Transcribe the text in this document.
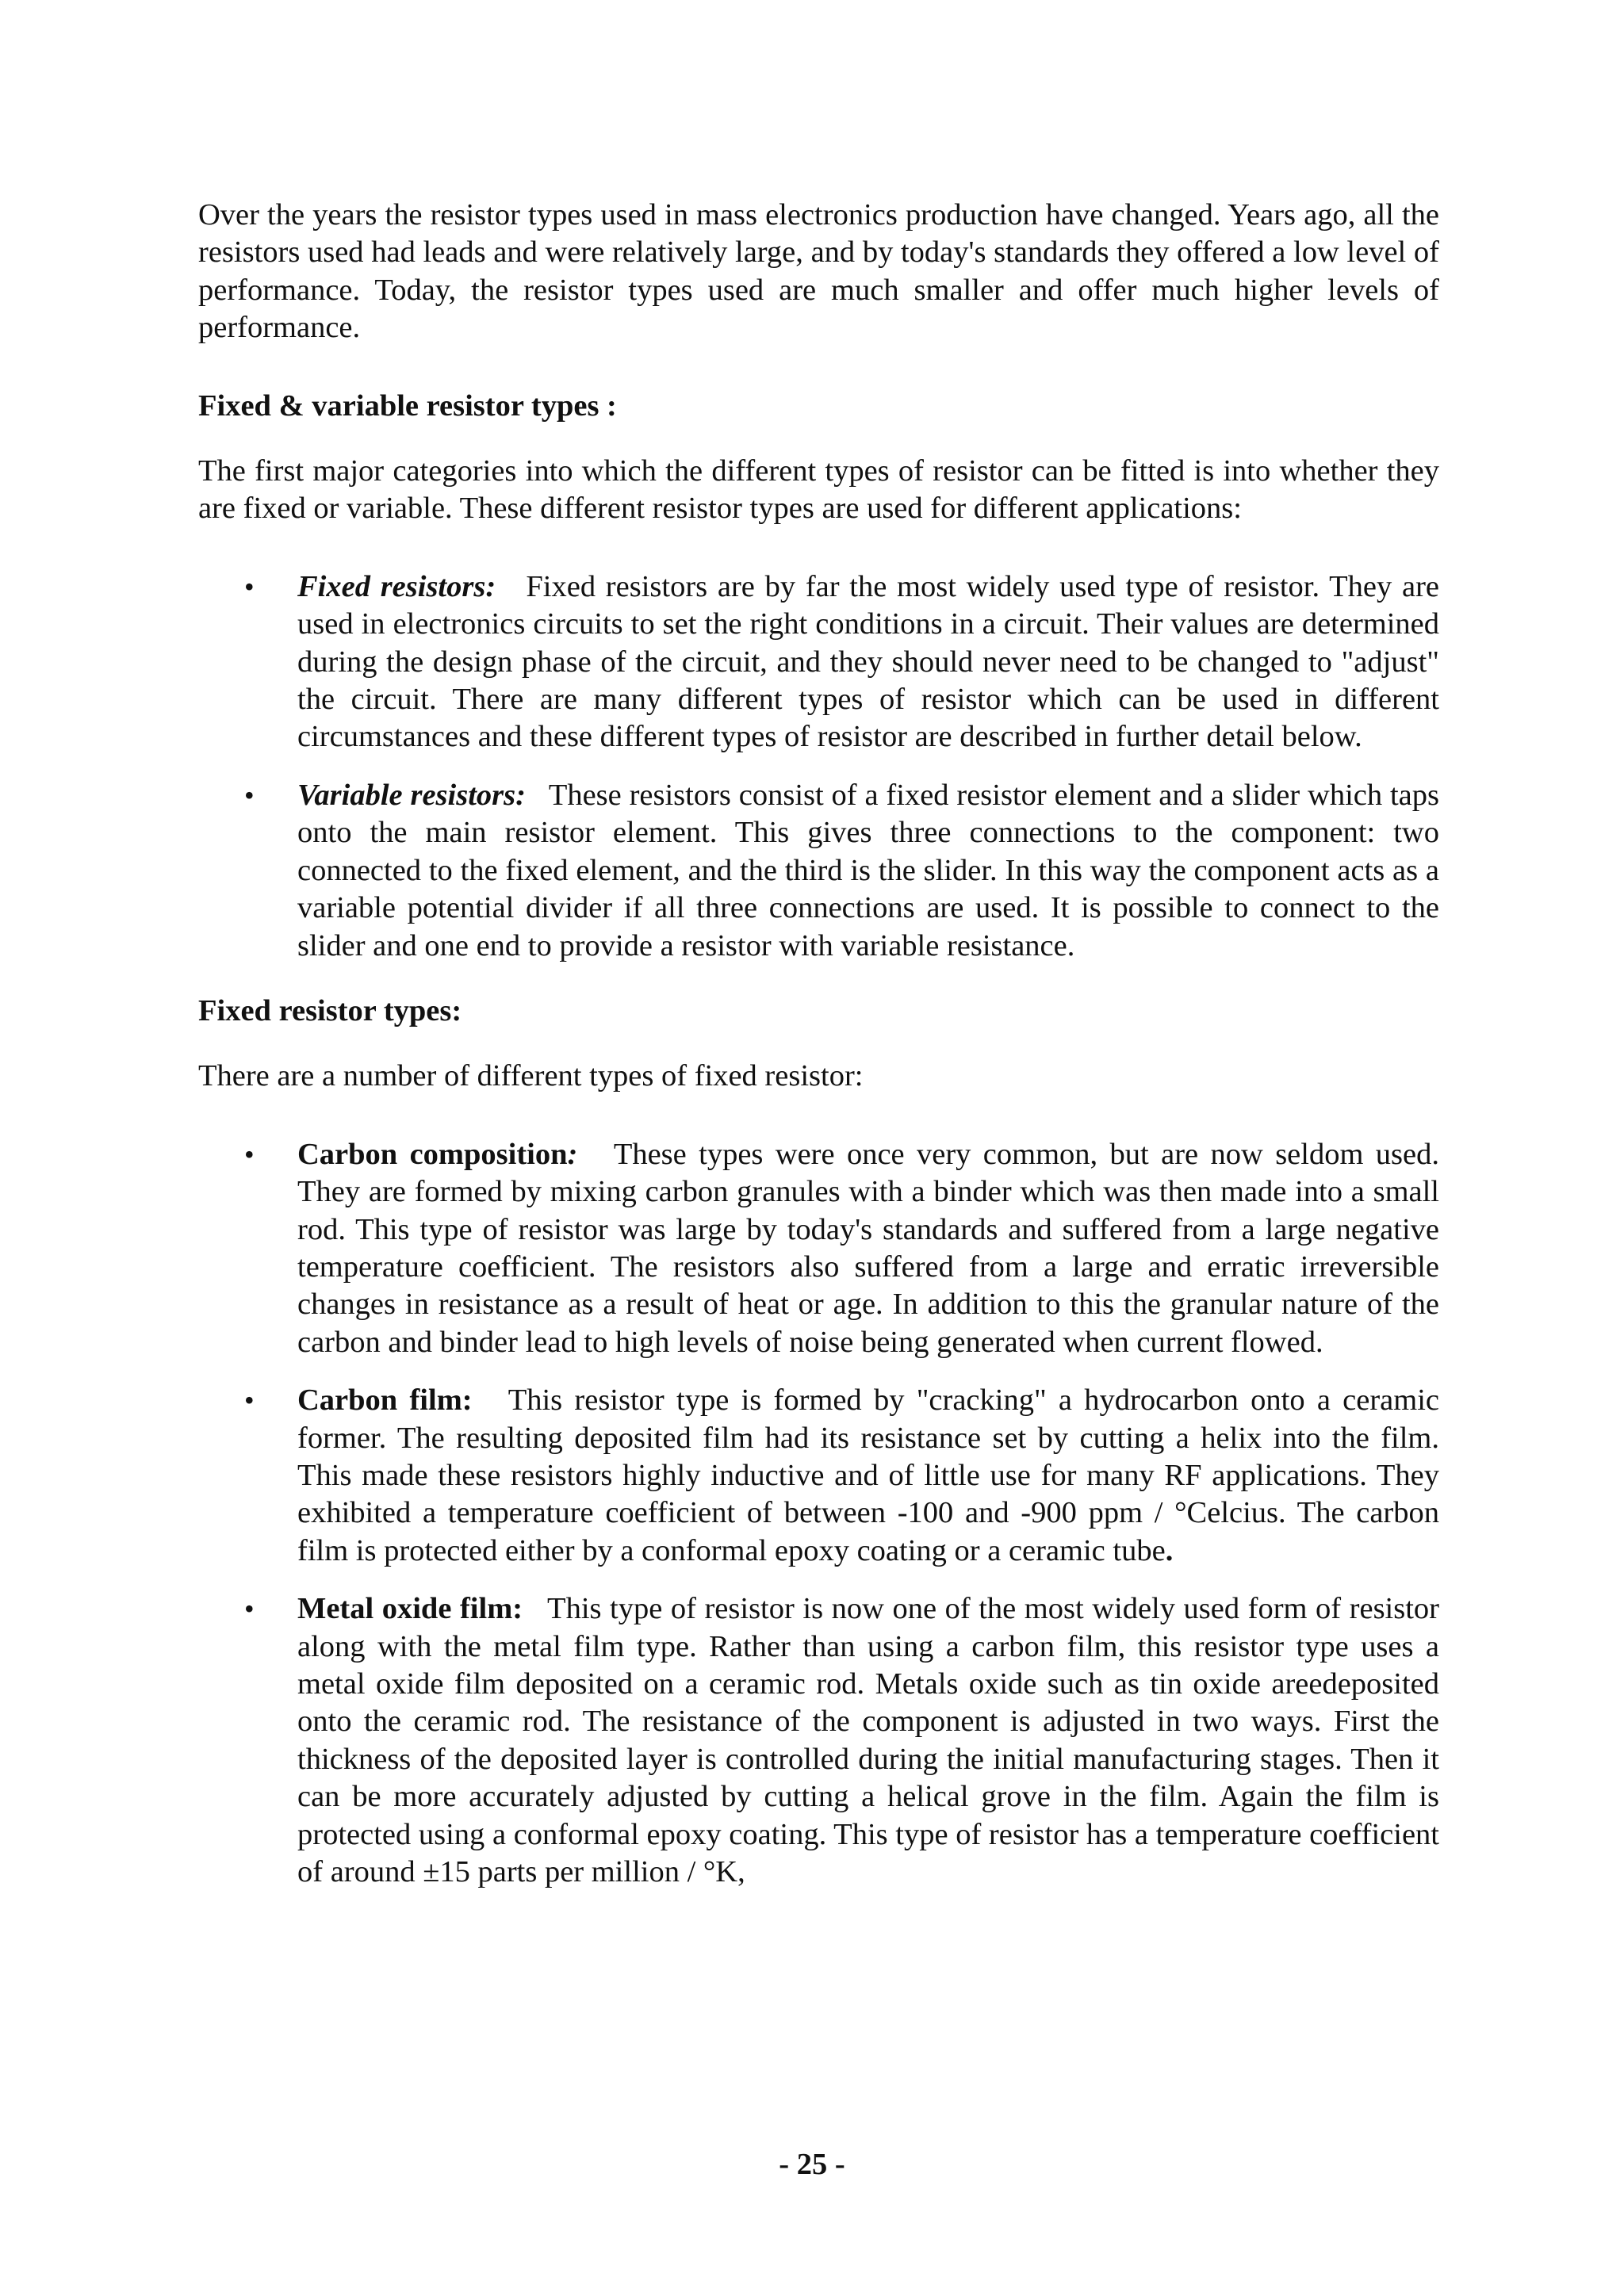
Over the years the resistor types used in mass electronics production have changed. Years ago, all the resistors used had leads and were relatively large, and by today's standards they offered a low level of performance. Today, the resistor types used are much smaller and offer much higher levels of performance.

Fixed & variable resistor types :

The first major categories into which the different types of resistor can be fitted is into whether they are fixed or variable. These different resistor types are used for different applications:

• Fixed resistors: Fixed resistors are by far the most widely used type of resistor. They are used in electronics circuits to set the right conditions in a circuit. Their values are determined during the design phase of the circuit, and they should never need to be changed to "adjust" the circuit. There are many different types of resistor which can be used in different circumstances and these different types of resistor are described in further detail below.
• Variable resistors: These resistors consist of a fixed resistor element and a slider which taps onto the main resistor element. This gives three connections to the component: two connected to the fixed element, and the third is the slider. In this way the component acts as a variable potential divider if all three connections are used. It is possible to connect to the slider and one end to provide a resistor with variable resistance.
Fixed resistor types:

There are a number of different types of fixed resistor:

• Carbon composition: These types were once very common, but are now seldom used. They are formed by mixing carbon granules with a binder which was then made into a small rod. This type of resistor was large by today's standards and suffered from a large negative temperature coefficient. The resistors also suffered from a large and erratic irreversible changes in resistance as a result of heat or age. In addition to this the granular nature of the carbon and binder lead to high levels of noise being generated when current flowed.
• Carbon film: This resistor type is formed by "cracking" a hydrocarbon onto a ceramic former. The resulting deposited film had its resistance set by cutting a helix into the film. This made these resistors highly inductive and of little use for many RF applications. They exhibited a temperature coefficient of between -100 and -900 ppm / °Celcius. The carbon film is protected either by a conformal epoxy coating or a ceramic tube.
• Metal oxide film: This type of resistor is now one of the most widely used form of resistor along with the metal film type. Rather than using a carbon film, this resistor type uses a metal oxide film deposited on a ceramic rod. Metals oxide such as tin oxide areedeposited onto the ceramic rod. The resistance of the component is adjusted in two ways. First the thickness of the deposited layer is controlled during the initial manufacturing stages. Then it can be more accurately adjusted by cutting a helical grove in the film. Again the film is protected using a conformal epoxy coating. This type of resistor has a temperature coefficient of around ±15 parts per million / °K,
- 25 -
